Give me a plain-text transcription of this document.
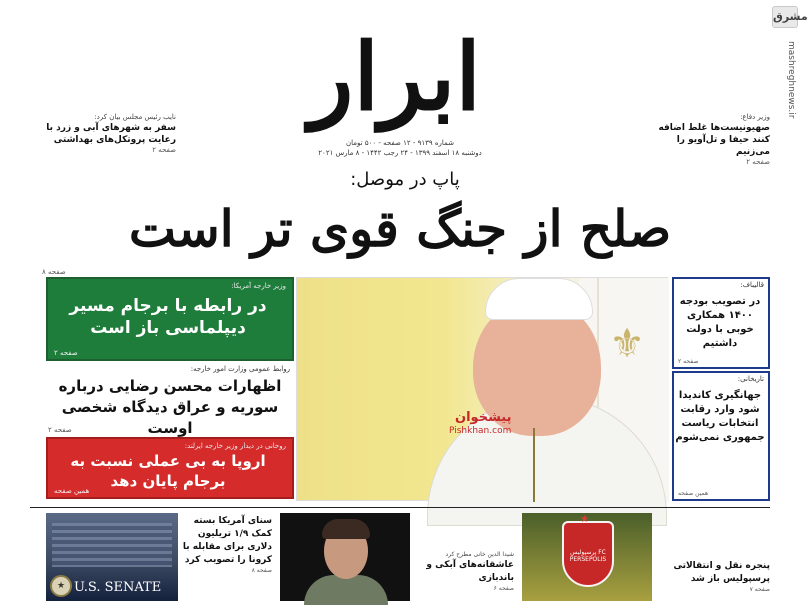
مشرق
mashreghnews.ir
ابرار
شماره ۹۱۳۹ - ۱۲ صفحه - ۵۰۰ تومان
دوشنبه ۱۸ اسفند ۱۳۹۹ - ۲۴ رجب ۱۴۴۲ - ۸ مارس ۲۰۲۱
وزیر دفاع:
صهیونیست‌ها غلط اضافه کنند حیفا و تل‌آویو را می‌زنیم
صفحه ۲
نایب رئیس مجلس بیان کرد:
سفر به شهرهای آبی و زرد با رعایت پروتکل‌های بهداشتی
صفحه ۲
پاپ در موصل:
صلح از جنگ قوی تر است
صفحه ۸
وزیر خارجه آمریکا:
در رابطه با برجام مسیر دیپلماسی باز است
صفحه ۲
روابط عمومی وزارت امور خارجه:
اظهارات محسن رضایی درباره سوریه و عراق دیدگاه شخصی اوست
صفحه ۲
روحانی در دیدار وزیر خارجه ایرلند:
اروپا به بی عملی نسبت به برجام پایان دهد
همین صفحه
⚜
پیشخوان
Pishkhan.com
قالیباف:
در تصویب بودجه ۱۴۰۰ همکاری خوبی با دولت داشتیم
صفحه ۲
تاریخانی:
جهانگیری کاندیدا شود وارد رقابت انتخابات ریاست جمهوری نمی‌شوم
همین صفحه
★ U.S. SENATE
سنای آمریکا بسته کمک ۱/۹ تریلیون دلاری برای مقابله با کرونا را تصویب کرد
صفحه ۸
شیدا الدین خانی مطرح کرد
عاشقانه‌های آبکی و باندبازی
صفحه ۶
پرسپولیس FC PERSEPOLIS
★
پنجره نقل و انتقالاتی پرسپولیس باز شد
صفحه ۷
